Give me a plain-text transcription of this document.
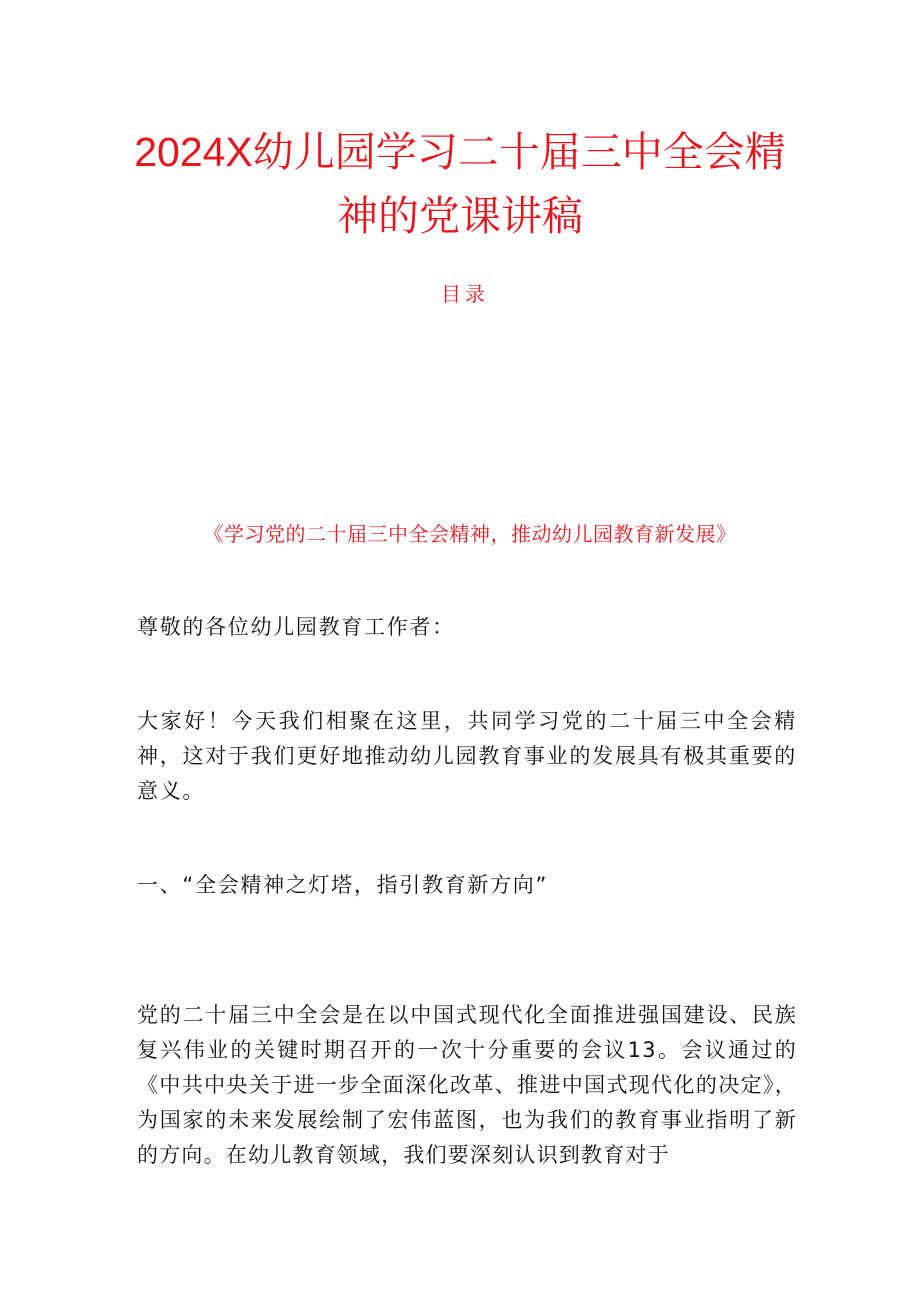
2024X幼儿园学习二十届三中全会精
神的党课讲稿

目录

《学习党的二十届三中全会精神，推动幼儿园教育新发展》

尊敬的各位幼儿园教育工作者：

大家好！今天我们相聚在这里，共同学习党的二十届三中全会精神，这对于我们更好地推动幼儿园教育事业的发展具有极其重要的意义。

一、“全会精神之灯塔，指引教育新方向”

党的二十届三中全会是在以中国式现代化全面推进强国建设、民族复兴伟业的关键时期召开的一次十分重要的会议13。会议通过的《中共中央关于进一步全面深化改革、推进中国式现代化的决定》，为国家的未来发展绘制了宏伟蓝图，也为我们的教育事业指明了新的方向。在幼儿教育领域，我们要深刻认识到教育对于
